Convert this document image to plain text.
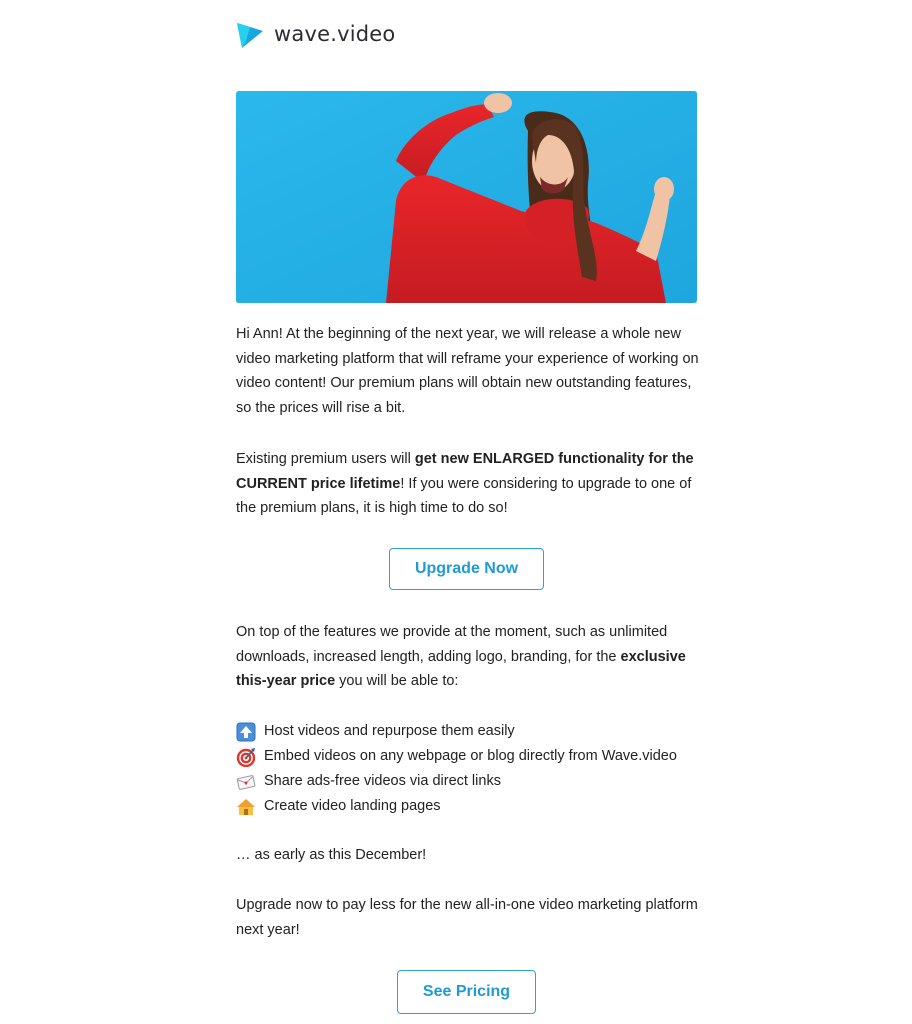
wave.video

Hi Ann! At the beginning of the next year, we will release a whole new video marketing platform that will reframe your experience of working on video content! Our premium plans will obtain new outstanding features, so the prices will rise a bit.

Existing premium users will get new ENLARGED functionality for the CURRENT price lifetime! If you were considering to upgrade to one of the premium plans, it is high time to do so!

Upgrade Now

On top of the features we provide at the moment, such as unlimited downloads, increased length, adding logo, branding, for the exclusive this-year price you will be able to:

Host videos and repurpose them easily
Embed videos on any webpage or blog directly from Wave.video
Share ads-free videos via direct links
Create video landing pages

… as early as this December!

Upgrade now to pay less for the new all-in-one video marketing platform next year!

See Pricing
